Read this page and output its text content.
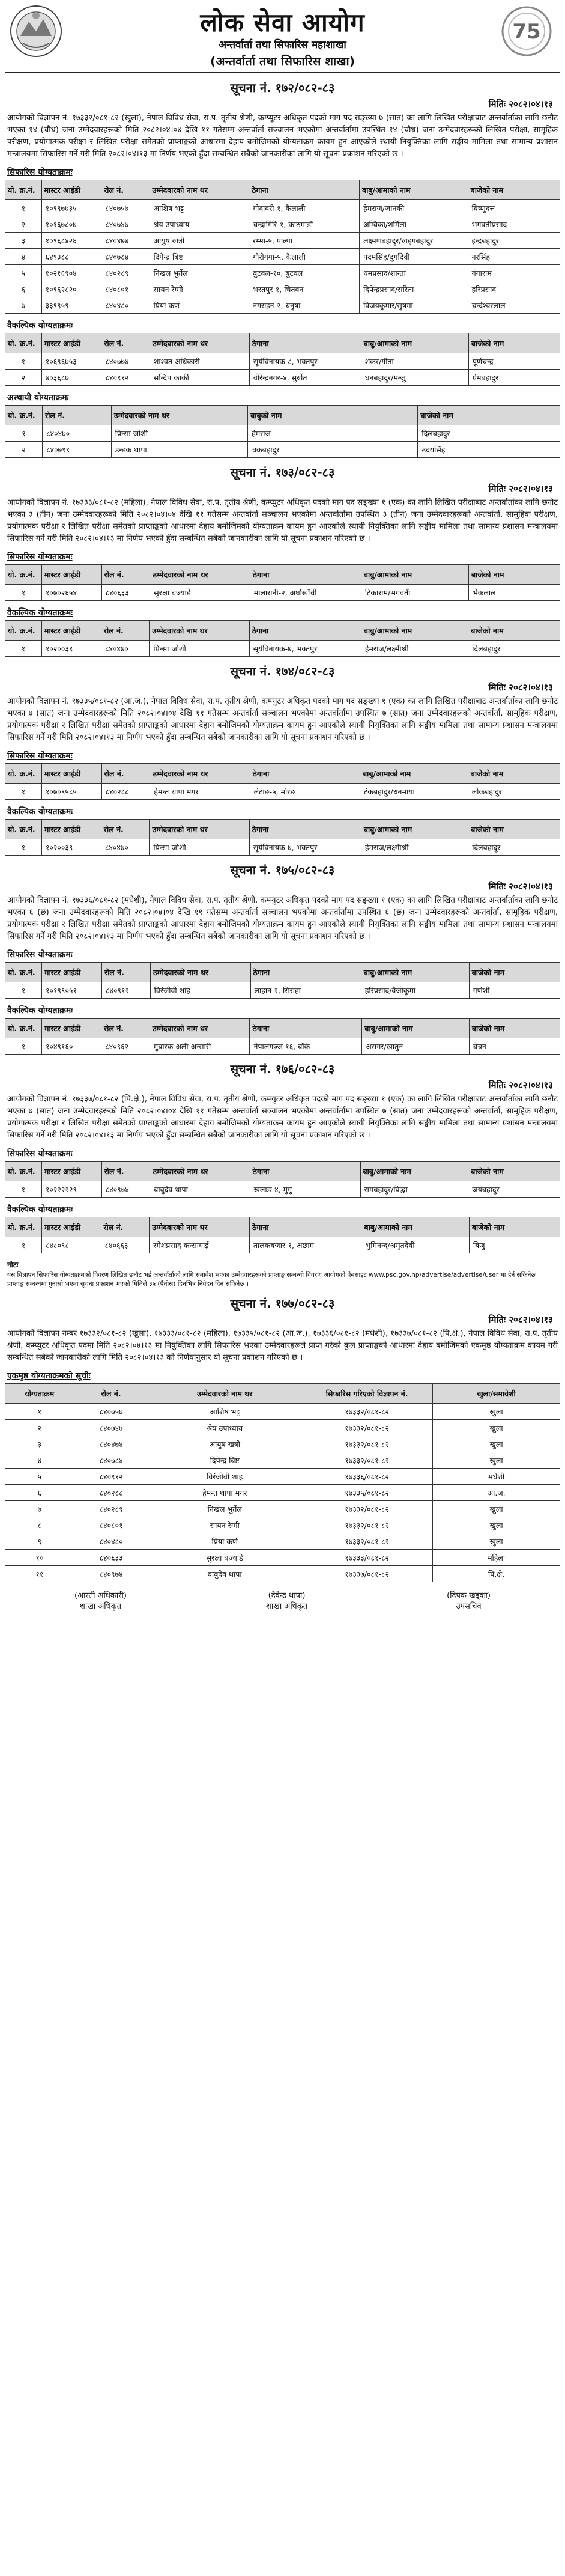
लोक सेवा आयोग
अन्तर्वार्ता तथा सिफारिस महाशाखा
(अन्तर्वार्ता तथा सिफारिस शाखा)
75
सूचना नं. १७२/०८२-८३
मितिः २०८२।०४।१३
आयोगको विज्ञापन नं. १७३३२/०८१-८२ (खुला), नेपाल विविध सेवा, रा.प. तृतीय श्रेणी, कम्प्युटर अधिकृत पदको माग पद सङ्ख्या ७ (सात) का लागि लिखित परीक्षाबाट अन्तर्वार्ताका लागि छनौट भएका १४ (चौध) जना उम्मेदवारहरूको मिति २०८२।०४।०४ देखि ११ गतेसम्म अन्तर्वार्ता सञ्चालन भएकोमा अन्तर्वार्तामा उपस्थित १४ (चौध) जना उम्मेदवारहरूको लिखित परीक्षा, सामूहिक परीक्षण, प्रयोगात्मक परीक्षा र लिखित परीक्षा समेतको प्राप्ताङ्कको आधारमा देहाय बमोजिमको योग्यताक्रम कायम हुन आएकोले स्थायी नियुक्तिका लागि सङ्घीय मामिला तथा सामान्य प्रशासन मन्त्रालयमा सिफारिस गर्ने गरी मिति २०८२।०४।१३ मा निर्णय भएको हुँदा सम्बन्धित सबैको जानकारीका लागि यो सूचना प्रकाशन गरिएको छ ।
सिफारिस योग्यताक्रमः
यो. क्र.नं.	मास्टर आईडी	रोल नं.	उम्मेदवारको नाम थर	ठेगाना	बाबु/आमाको नाम	बाजेको नाम
१	१०९९७७३५	८४०७५७	आशिष भट्ट	गोदावरी-१, कैलाली	हेमराज/जानकी	विष्णुदत्त
२	१०१६७८०७	८४०७४७	श्रेय उपाध्याय	चन्द्रागिरि-१, काठमाडौं	अम्बिका/शर्मिला	भगवतीप्रसाद
३	१०९६८४२६	८४०४७४	आयुष खत्री	रम्भा-५, पाल्पा	लक्ष्मणबहादुर/खड्गबहादुर	इन्द्रबहादुर
४	६४९३८८	८४०७८४	दिपेन्द्र बिष्ट	गौरीगंगा-५, कैलाली	पदमसिंह/दुर्गादेवी	नरसिंह
५	१०२१६९०४	८४०२८९	निखल भुर्तेल	बुटवल-१०, बुटवल	धमप्रसाद/शान्ता	गंगाराम
६	१०९६२८२०	८४०८०१	सायन रेग्मी	भरतपुर-१, चितवन	दिपेन्द्रप्रसाद/सरिता	हरिप्रसाद
७	३३९९५९	८४०४८०	प्रिया कर्ण	नगराइन-२, धनुषा	विजयकुमार/सुषमा	चन्देश्वरलाल
वैकल्पिक योग्यताक्रमः
यो. क्र.नं.	मास्टर आईडी	रोल नं.	उम्मेदवारको नाम थर	ठेगाना	बाबु/आमाको नाम	बाजेको नाम
१	१०६९६७५३	८४०७७४	शाश्वत अधिकारी	सूर्यविनायक-८, भक्तपुर	शंकर/गीता	पूर्णचन्द्र
२	४०३६८७	८४०९१२	सन्दिप कार्की	वीरेन्द्रनगर-४, सुर्खेत	धनबहादुर/मन्जु	प्रेमबहादुर
अस्थायी योग्यताक्रमः
यो. क्र.नं.	रोल नं.	उम्मेदवारको नाम थर	बाबुको नाम	बाजेको नाम
१	८४०४७०	प्रिन्सा जोशी	हेमराज	दिलबहादुर
२	८४०७९९	डन्डक थापा	चक्रबहादुर	उदयसिंह
सूचना नं. १७३/०८२-८३
मितिः २०८२।०४।१३
आयोगको विज्ञापन नं. १७३३३/०८१-८२ (महिला), नेपाल विविध सेवा, रा.प. तृतीय श्रेणी, कम्प्युटर अधिकृत पदको माग पद सङ्ख्या १ (एक) का लागि लिखित परीक्षाबाट अन्तर्वार्ताका लागि छनौट भएका ३ (तीन) जना उम्मेदवारहरूको मिति २०८२।०४।०४ देखि ११ गतेसम्म अन्तर्वार्ता सञ्चालन भएकोमा अन्तर्वार्तामा उपस्थित ३ (तीन) जना उम्मेदवारहरूको अन्तर्वार्ता, सामूहिक परीक्षण, प्रयोगात्मक परीक्षा र लिखित परीक्षा समेतको प्राप्ताङ्कको आधारमा देहाय बमोजिमको योग्यताक्रम कायम हुन आएकोले स्थायी नियुक्तिका लागि सङ्घीय मामिला तथा सामान्य प्रशासन मन्त्रालयमा सिफारिस गर्ने गरी मिति २०८२।०४।१३ मा निर्णय भएको हुँदा सम्बन्धित सबैको जानकारीका लागि यो सूचना प्रकाशन गरिएको छ ।
सिफारिस योग्यताक्रमः
यो. क्र.नं.	मास्टर आईडी	रोल नं.	उम्मेदवारको नाम थर	ठेगाना	बाबु/आमाको नाम	बाजेको नाम
१	१०७०२६५४	८४०६३३	सुरक्षा बज्याडे	मालारानी-२, अर्घाखाँची	टिकाराम/भगवती	भेकलाल
वैकल्पिक योग्यताक्रमः
यो. क्र.नं.	मास्टर आईडी	रोल नं.	उम्मेदवारको नाम थर	ठेगाना	बाबु/आमाको नाम	बाजेको नाम
१	१०२००३९	८४०४७०	प्रिन्सा जोशी	सूर्यविनायक-७, भक्तपुर	हेमराज/लक्ष्मीश्री	दिलबहादुर
सूचना नं. १७४/०८२-८३
मितिः २०८२।०४।१३
आयोगको विज्ञापन नं. १७३३५/०८१-८२ (आ.ज.), नेपाल विविध सेवा, रा.प. तृतीय श्रेणी, कम्प्युटर अधिकृत पदको माग पद सङ्ख्या १ (एक) का लागि लिखित परीक्षाबाट अन्तर्वार्ताका लागि छनौट भएका ७ (सात) जना उम्मेदवारहरूको मिति २०८२।०४।०४ देखि ११ गतेसम्म अन्तर्वार्ता सञ्चालन भएकोमा अन्तर्वार्तामा उपस्थित ७ (सात) जना उम्मेदवारहरूको अन्तर्वार्ता, सामूहिक परीक्षण, प्रयोगात्मक परीक्षा र लिखित परीक्षा समेतको प्राप्ताङ्कको आधारमा देहाय बमोजिमको योग्यताक्रम कायम हुन आएकोले स्थायी नियुक्तिका लागि सङ्घीय मामिला तथा सामान्य प्रशासन मन्त्रालयमा सिफारिस गर्ने गरी मिति २०८२।०४।१३ मा निर्णय भएको हुँदा सम्बन्धित सबैको जानकारीका लागि यो सूचना प्रकाशन गरिएको छ ।
सिफारिस योग्यताक्रमः
यो. क्र.नं.	मास्टर आईडी	रोल नं.	उम्मेदवारको नाम थर	ठेगाना	बाबु/आमाको नाम	बाजेको नाम
१	१०७०९५८५	८४०२८८	हेमन्त थापा मगर	लेटाङ-५, मोरङ	टंकबहादुर/धनमाया	लोकबहादुर
वैकल्पिक योग्यताक्रमः
यो. क्र.नं.	मास्टर आईडी	रोल नं.	उम्मेदवारको नाम थर	ठेगाना	बाबु/आमाको नाम	बाजेको नाम
१	१०२००३९	८४०४७०	प्रिन्सा जोशी	सूर्यविनायक-७, भक्तपुर	हेमराज/लक्ष्मीश्री	दिलबहादुर
सूचना नं. १७५/०८२-८३
मितिः २०८२।०४।१३
आयोगको विज्ञापन नं. १७३३६/०८१-८२ (मधेशी), नेपाल विविध सेवा, रा.प. तृतीय श्रेणी, कम्प्युटर अधिकृत पदको माग पद सङ्ख्या १ (एक) का लागि लिखित परीक्षाबाट अन्तर्वार्ताका लागि छनौट भएका ६ (छ) जना उम्मेदवारहरूको मिति २०८२।०४।०४ देखि ११ गतेसम्म अन्तर्वार्ता सञ्चालन भएकोमा अन्तर्वार्तामा उपस्थित ६ (छ) जना उम्मेदवारहरूको अन्तर्वार्ता, सामूहिक परीक्षण, प्रयोगात्मक परीक्षा र लिखित परीक्षा समेतको प्राप्ताङ्कको आधारमा देहाय बमोजिमको योग्यताक्रम कायम हुन आएकोले स्थायी नियुक्तिका लागि सङ्घीय मामिला तथा सामान्य प्रशासन मन्त्रालयमा सिफारिस गर्ने गरी मिति २०८२।०४।१३ मा निर्णय भएको हुँदा सम्बन्धित सबैको जानकारीका लागि यो सूचना प्रकाशन गरिएको छ ।
सिफारिस योग्यताक्रमः
यो. क्र.नं.	मास्टर आईडी	रोल नं.	उम्मेदवारको नाम थर	ठेगाना	बाबु/आमाको नाम	बाजेको नाम
१	१०१९९०५१	८४०९१२	विरंजीवी शाह	लाहान-२, सिराहा	हरिप्रसाद/वैजीकुमा	गणेशी
वैकल्पिक योग्यताक्रमः
यो. क्र.नं.	मास्टर आईडी	रोल नं.	उम्मेदवारको नाम थर	ठेगाना	बाबु/आमाको नाम	बाजेको नाम
१	१०४९१६०	८४०९६२	मुबारक अली अन्सारी	नेपालगञ्ज-१६, बाँके	असगर/खातुन	बेचन
सूचना नं. १७६/०८२-८३
मितिः २०८२।०४।१३
आयोगको विज्ञापन नं. १७३३७/०८१-८२ (पि.क्षे.), नेपाल विविध सेवा, रा.प. तृतीय श्रेणी, कम्प्युटर अधिकृत पदको माग पद सङ्ख्या १ (एक) का लागि लिखित परीक्षाबाट अन्तर्वार्ताका लागि छनौट भएका ७ (सात) जना उम्मेदवारहरूको मिति २०८२।०४।०४ देखि ११ गतेसम्म अन्तर्वार्ता सञ्चालन भएकोमा अन्तर्वार्तामा उपस्थित ७ (सात) जना उम्मेदवारहरूको अन्तर्वार्ता, सामूहिक परीक्षण, प्रयोगात्मक परीक्षा र लिखित परीक्षा समेतको प्राप्ताङ्कको आधारमा देहाय बमोजिमको योग्यताक्रम कायम हुन आएकोले स्थायी नियुक्तिका लागि सङ्घीय मामिला तथा सामान्य प्रशासन मन्त्रालयमा सिफारिस गर्ने गरी मिति २०८२।०४।१३ मा निर्णय भएको हुँदा सम्बन्धित सबैको जानकारीका लागि यो सूचना प्रकाशन गरिएको छ ।
सिफारिस योग्यताक्रमः
यो. क्र.नं.	मास्टर आईडी	रोल नं.	उम्मेदवारको नाम थर	ठेगाना	बाबु/आमाको नाम	बाजेको नाम
१	१०२२२२२९	८४०९७४	बाबुदेव थापा	खलाङ-४, मुगु	रामबहादुर/बिद्धा	जयबहादुर
वैकल्पिक योग्यताक्रमः
यो. क्र.नं.	मास्टर आईडी	रोल नं.	उम्मेदवारको नाम थर	ठेगाना	बाबु/आमाको नाम	बाजेको नाम
१	८४८०९८	८४०६६३	रमेशप्रसाद कन्सागाई	तालकबजार-१, अछाम	भुमिनन्द/अमृतदेवी	बिजु
नोटः
यस विज्ञापन सिफारिस योग्यताक्रमको विवरण लिखित छनौट भई अन्तर्वार्ताको लागि समावेश भएका उम्मेदवारहरूको प्राप्ताङ्क सम्बन्धी विवरण आयोगको वेबसाइट www.psc.gov.np/advertise/advertise/user मा हेर्न सकिनेछ । प्राप्ताङ्क सम्बन्धमा गुनासो भएमा सूचना प्रकाशन भएको मितिले ३५ (पैंतीस) दिनभित्र निवेदन दिन सकिनेछ ।
सूचना नं. १७७/०८२-८३
मितिः २०८२।०४।१३
आयोगको विज्ञापन नम्बर १७३३२/०८१-८२ (खुला), १७३३३/०८१-८२ (महिला), १७३३५/०८१-८२ (आ.ज.), १७३३६/०८१-८२ (मधेशी), १७३३७/०८१-८२ (पि.क्षे.), नेपाल विविध सेवा, रा.प. तृतीय श्रेणी, कम्प्युटर अधिकृत पदमा मिति २०८२।०४।१३ मा नियुक्तिका लागि सिफारिस भएका उम्मेदवारहरूले प्राप्त गरेको कुल प्राप्ताङ्कको आधारमा देहाय बमोजिमको एकमुष्ठ योग्यताक्रम कायम गरी सम्बन्धित सबैको जानकारीको लागि मिति २०८२।०४।१३ को निर्णयानुसार यो सूचना प्रकाशन गरिएको छ ।
एकमुष्ठ योग्यताक्रमको सूचीः
योग्यताक्रम	रोल नं.	उम्मेदवारको नाम थर	सिफारिस गरिएको विज्ञापन नं.	खुला/समावेशी
१	८४०७५७	आशिष भट्ट	१७३३२/०८१-८२	खुला
२	८४०७४७	श्रेय उपाध्याय	१७३३२/०८१-८२	खुला
३	८४०४७४	आयुष खत्री	१७३३२/०८१-८२	खुला
४	८४०७८४	दिपेन्द्र बिष्ट	१७३३२/०८१-८२	खुला
५	८४०९१२	विरंजीवी शाह	१७३३६/०८१-८२	मधेशी
६	८४०२८८	हेमन्त थापा मगर	१७३३५/०८१-८२	आ.ज.
७	८४०२८९	निखल भुर्तेल	१७३३२/०८१-८२	खुला
८	८४०८०१	सायन रेग्मी	१७३३२/०८१-८२	खुला
९	८४०४८०	प्रिया कर्ण	१७३३२/०८१-८२	खुला
१०	८४०६३३	सुरक्षा बज्याडे	१७३३३/०८१-८२	महिला
११	८४०९७४	बाबुदेव थापा	१७३३७/०८१-८२	पि.क्षे.
(आरती अधिकारी)
शाखा अधिकृत
(देवेन्द्र थापा)
शाखा अधिकृत
(दिपक खड्का)
उपसचिव
